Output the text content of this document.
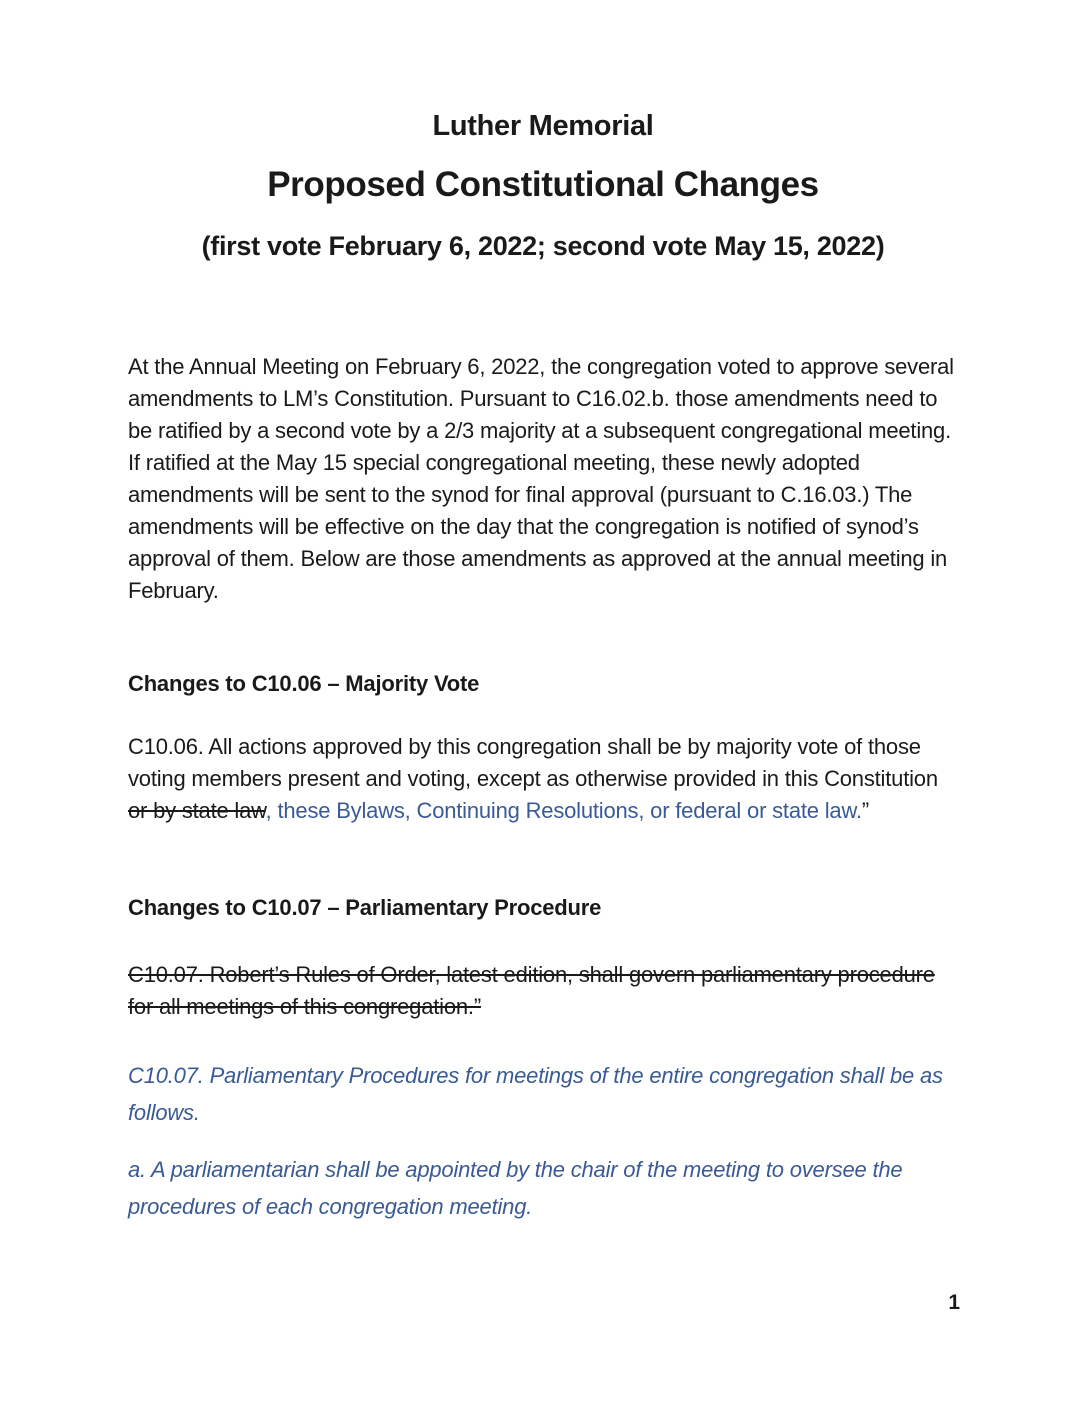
Luther Memorial
Proposed Constitutional Changes
(first vote February 6, 2022; second vote May 15, 2022)

At the Annual Meeting on February 6, 2022, the congregation voted to approve several amendments to LM’s Constitution. Pursuant to C16.02.b. those amendments need to be ratified by a second vote by a 2/3 majority at a subsequent congregational meeting. If ratified at the May 15 special congregational meeting, these newly adopted amendments will be sent to the synod for final approval (pursuant to C.16.03.) The amendments will be effective on the day that the congregation is notified of synod’s approval of them. Below are those amendments as approved at the annual meeting in February.

Changes to C10.06 – Majority Vote

C10.06. All actions approved by this congregation shall be by majority vote of those voting members present and voting, except as otherwise provided in this Constitution or by state law, these Bylaws, Continuing Resolutions, or federal or state law.”

Changes to C10.07 – Parliamentary Procedure

C10.07. Robert’s Rules of Order, latest edition, shall govern parliamentary procedure for all meetings of this congregation.”

C10.07. Parliamentary Procedures for meetings of the entire congregation shall be as follows.

a. A parliamentarian shall be appointed by the chair of the meeting to oversee the procedures of each congregation meeting.

1
